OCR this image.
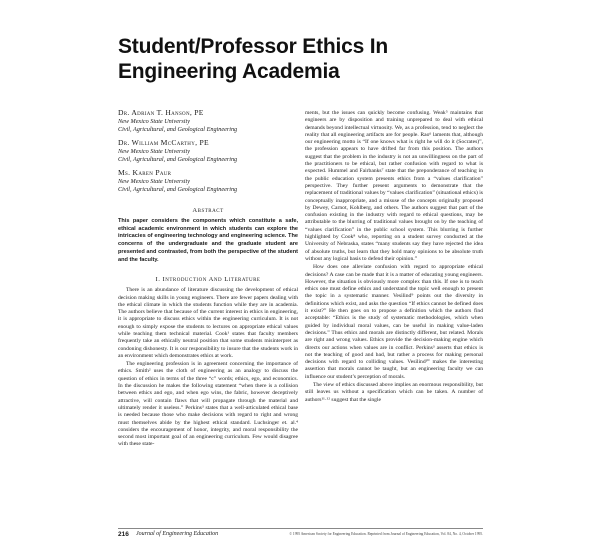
Student/Professor Ethics In Engineering Academia
Dr. Adrian T. Hanson, PE
New Mexico State University
Civil, Agricultural, and Geological Engineering
Dr. William McCarthy, PE
New Mexico State University
Civil, Agricultural, and Geological Engineering
Ms. Karen Paur
New Mexico State University
Civil, Agricultural, and Geological Engineering
Abstract
This paper considers the components which constitute a safe, ethical academic environment in which students can explore the intricacies of engineering technology and engineering science. The concerns of the undergraduate and the graduate student are presented and contrasted, from both the perspective of the student and the faculty.
I. Introduction And Literature

There is an abundance of literature discussing the development of ethical decision making skills in young engineers. There are fewer papers dealing with the ethical climate in which the students function while they are in academia. The authors believe that because of the current interest in ethics in engineering, it is appropriate to discuss ethics within the engineering curriculum. It is not enough to simply expose the students to lectures on appropriate ethical values while teaching them technical material. Cook¹ states that faculty members frequently take an ethically neutral position that some students misinterpret as condoning dishonesty. It is our responsibility to insure that the students work in an environment which demonstrates ethics at work.

The engineering profession is in agreement concerning the importance of ethics. Smith² uses the cloth of engineering as an analogy to discuss the question of ethics in terms of the three “c” words; ethics, ego, and economics. In the discussion he makes the following statement “when there is a collision between ethics and ego, and when ego wins, the fabric, however deceptively attractive, will contain flaws that will propagate through the material and ultimately render it useless.” Perkins³ states that a well-articulated ethical base is needed because those who make decisions with regard to right and wrong must themselves abide by the highest ethical standard. Luchsinger et. al.⁴ considers the encouragement of honor, integrity, and moral responsibility the second most important goal of an engineering curriculum. Few would disagree with these state-

ments, but the issues can quickly become confusing. Weak⁵ maintains that engineers are by disposition and training unprepared to deal with ethical demands beyond intellectual virtuosity. We, as a profession, tend to neglect the reality that all engineering artifacts are for people. Rao⁶ laments that, although our engineering motto is “If one knows what is right he will do it (Socrates)”, the profession appears to have drifted far from this position. The authors suggest that the problem in the industry is not an unwillingness on the part of the practitioners to be ethical, but rather confusion with regard to what is expected. Hummel and Fairbanks⁷ state that the preponderance of teaching in the public education system presents ethics from a “values clarification” perspective. They further present arguments to demonstrate that the replacement of traditional values by “values clarification” (situational ethics) is conceptually inappropriate, and a misuse of the concepts originally proposed by Dewey, Carnot, Kohlberg, and others. The authors suggest that part of the confusion existing in the industry with regard to ethical questions, may be attributable to the blurring of traditional values brought on by the teaching of “values clarification” in the public school system. This blurring is further highlighted by Cook⁸ who, reporting on a student survey conducted at the University of Nebraska, states “many students say they have rejected the idea of absolute truths, but learn that they hold many opinions to be absolute truth without any logical basis to defend their opinion.”

How does one alleviate confusion with regard to appropriate ethical decisions? A case can be made that it is a matter of educating young engineers. However, the situation is obviously more complex than this. If one is to teach ethics one must define ethics and understand the topic well enough to present the topic in a systematic manner. Vesilind⁹ points out the diversity in definitions which exist, and asks the question “If ethics cannot be defined does it exist?” He then goes on to propose a definition which the authors find acceptable: “Ethics is the study of systematic methodologies, which when guided by individual moral values, can be useful in making value-laden decisions.” Thus ethics and morals are distinctly different, but related. Morals are right and wrong values. Ethics provide the decision-making engine which directs our actions when values are in conflict. Perkins³ asserts that ethics is not the teaching of good and bad, but rather a process for making personal decisions with regard to colliding values. Vesilind¹⁰ makes the interesting assertion that morals cannot be taught, but an engineering faculty we can influence our student’s perception of morals.

The view of ethics discussed above implies an enormous responsibility, but still leaves us without a specification which can be taken. A number of authors¹¹·¹² suggest that the single

216 Journal of Engineering Education	© 1995 American Society for Engineering Education. Reprinted from Journal of Engineering Education, Vol. 84, No. 4, October 1995.
